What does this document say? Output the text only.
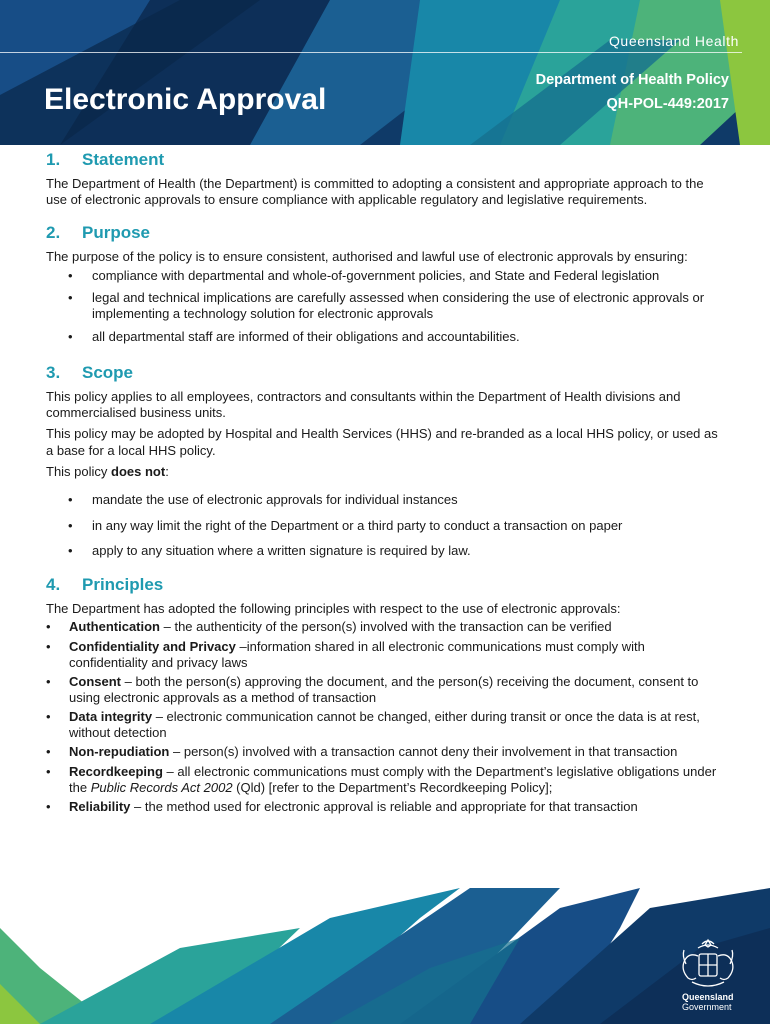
Queensland Health
Electronic Approval
Department of Health Policy
QH-POL-449:2017
1. Statement

The Department of Health (the Department) is committed to adopting a consistent and appropriate approach to the use of electronic approvals to ensure compliance with applicable regulatory and legislative requirements.

2. Purpose

The purpose of the policy is to ensure consistent, authorised and lawful use of electronic approvals by ensuring:

• compliance with departmental and whole-of-government policies, and State and Federal legislation
• legal and technical implications are carefully assessed when considering the use of electronic approvals or implementing a technology solution for electronic approvals
• all departmental staff are informed of their obligations and accountabilities.
3. Scope

This policy applies to all employees, contractors and consultants within the Department of Health divisions and commercialised business units.

This policy may be adopted by Hospital and Health Services (HHS) and re-branded as a local HHS policy, or used as a base for a local HHS policy.

This policy does not:

• mandate the use of electronic approvals for individual instances
• in any way limit the right of the Department or a third party to conduct a transaction on paper
• apply to any situation where a written signature is required by law.
4. Principles

The Department has adopted the following principles with respect to the use of electronic approvals:

• Authentication – the authenticity of the person(s) involved with the transaction can be verified
• Confidentiality and Privacy –information shared in all electronic communications must comply with confidentiality and privacy laws
• Consent – both the person(s) approving the document, and the person(s) receiving the document, consent to using electronic approvals as a method of transaction
• Data integrity – electronic communication cannot be changed, either during transit or once the data is at rest, without detection
• Non-repudiation – person(s) involved with a transaction cannot deny their involvement in that transaction
• Recordkeeping – all electronic communications must comply with the Department’s legislative obligations under the Public Records Act 2002 (Qld) [refer to the Department’s Recordkeeping Policy];
• Reliability – the method used for electronic approval is reliable and appropriate for that transaction
Queensland
Government
